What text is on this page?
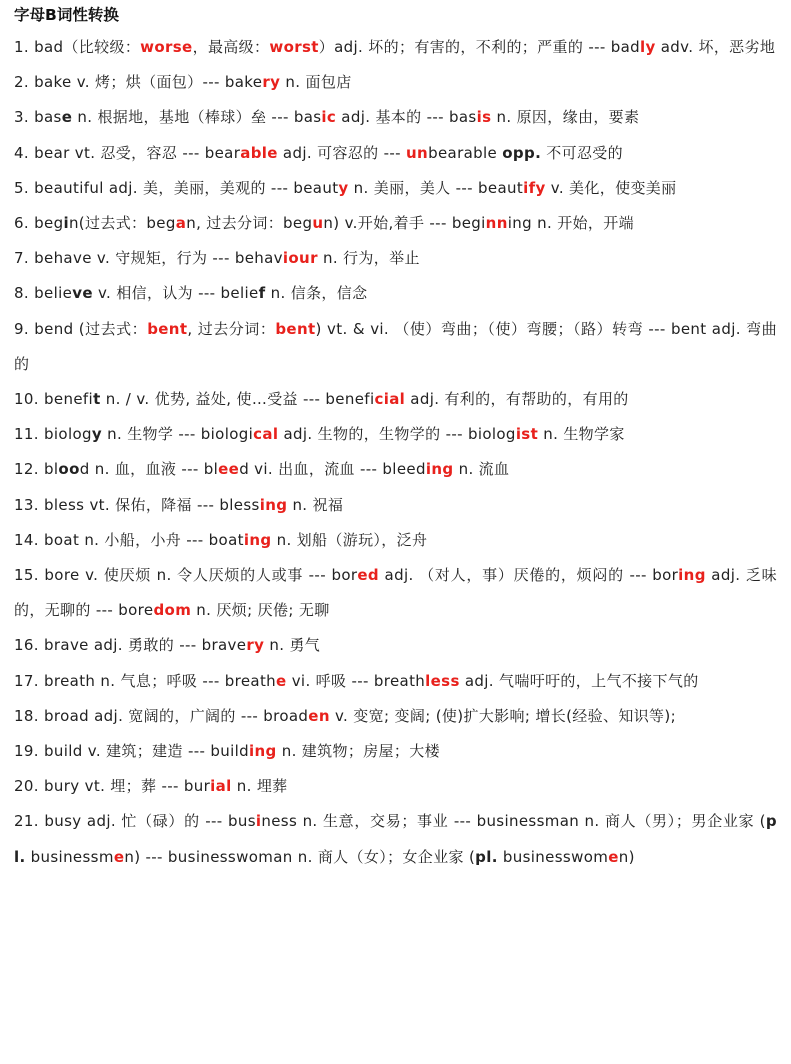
字母B词性转换

1. bad（比较级：worse，最高级：worst）adj. 坏的；有害的，不利的；严重的 --- badly adv. 坏，恶劣地

2. bake v. 烤；烘（面包）--- bakery n. 面包店

3. base n. 根据地，基地（棒球）垒 --- basic adj. 基本的 --- basis n. 原因，缘由，要素

4. bear vt. 忍受，容忍 --- bearable adj. 可容忍的 --- unbearable opp. 不可忍受的

5. beautiful adj. 美，美丽，美观的 --- beauty n. 美丽，美人 --- beautify v. 美化，使变美丽

6. begin(过去式：began, 过去分词：begun) v.开始,着手 --- beginning n. 开始，开端

7. behave v. 守规矩，行为 --- behaviour n. 行为，举止

8. believe v. 相信，认为 --- belief n. 信条，信念

9. bend (过去式：bent, 过去分词：bent) vt. & vi. （使）弯曲；（使）弯腰；（路）转弯 --- bent adj. 弯曲的

10. benefit n. / v. 优势, 益处, 使…受益 --- beneficial adj. 有利的，有帮助的，有用的

11. biology n. 生物学 --- biological adj. 生物的，生物学的 --- biologist n. 生物学家

12. blood n. 血，血液 --- bleed vi. 出血，流血 --- bleeding n. 流血

13. bless vt. 保佑，降福 --- blessing n. 祝福

14. boat n. 小船，小舟 --- boating n. 划船（游玩），泛舟

15. bore v. 使厌烦 n. 令人厌烦的人或事 --- bored adj. （对人，事）厌倦的，烦闷的 --- boring adj. 乏味的，无聊的 --- boredom n. 厌烦; 厌倦; 无聊

16. brave adj. 勇敢的 --- bravery n. 勇气

17. breath n. 气息；呼吸 --- breathe vi. 呼吸 --- breathless adj. 气喘吁吁的，上气不接下气的

18. broad adj. 宽阔的，广阔的 --- broaden v. 变宽; 变阔; (使)扩大影响; 增长(经验、知识等);

19. build v. 建筑；建造 --- building n. 建筑物；房屋；大楼

20. bury vt. 埋；葬 --- burial n. 埋葬

21. busy adj. 忙（碌）的 --- business n. 生意，交易；事业 --- businessman n. 商人（男）；男企业家 (pl. businessmen) --- businesswoman n. 商人（女）；女企业家 (pl. businesswomen)
